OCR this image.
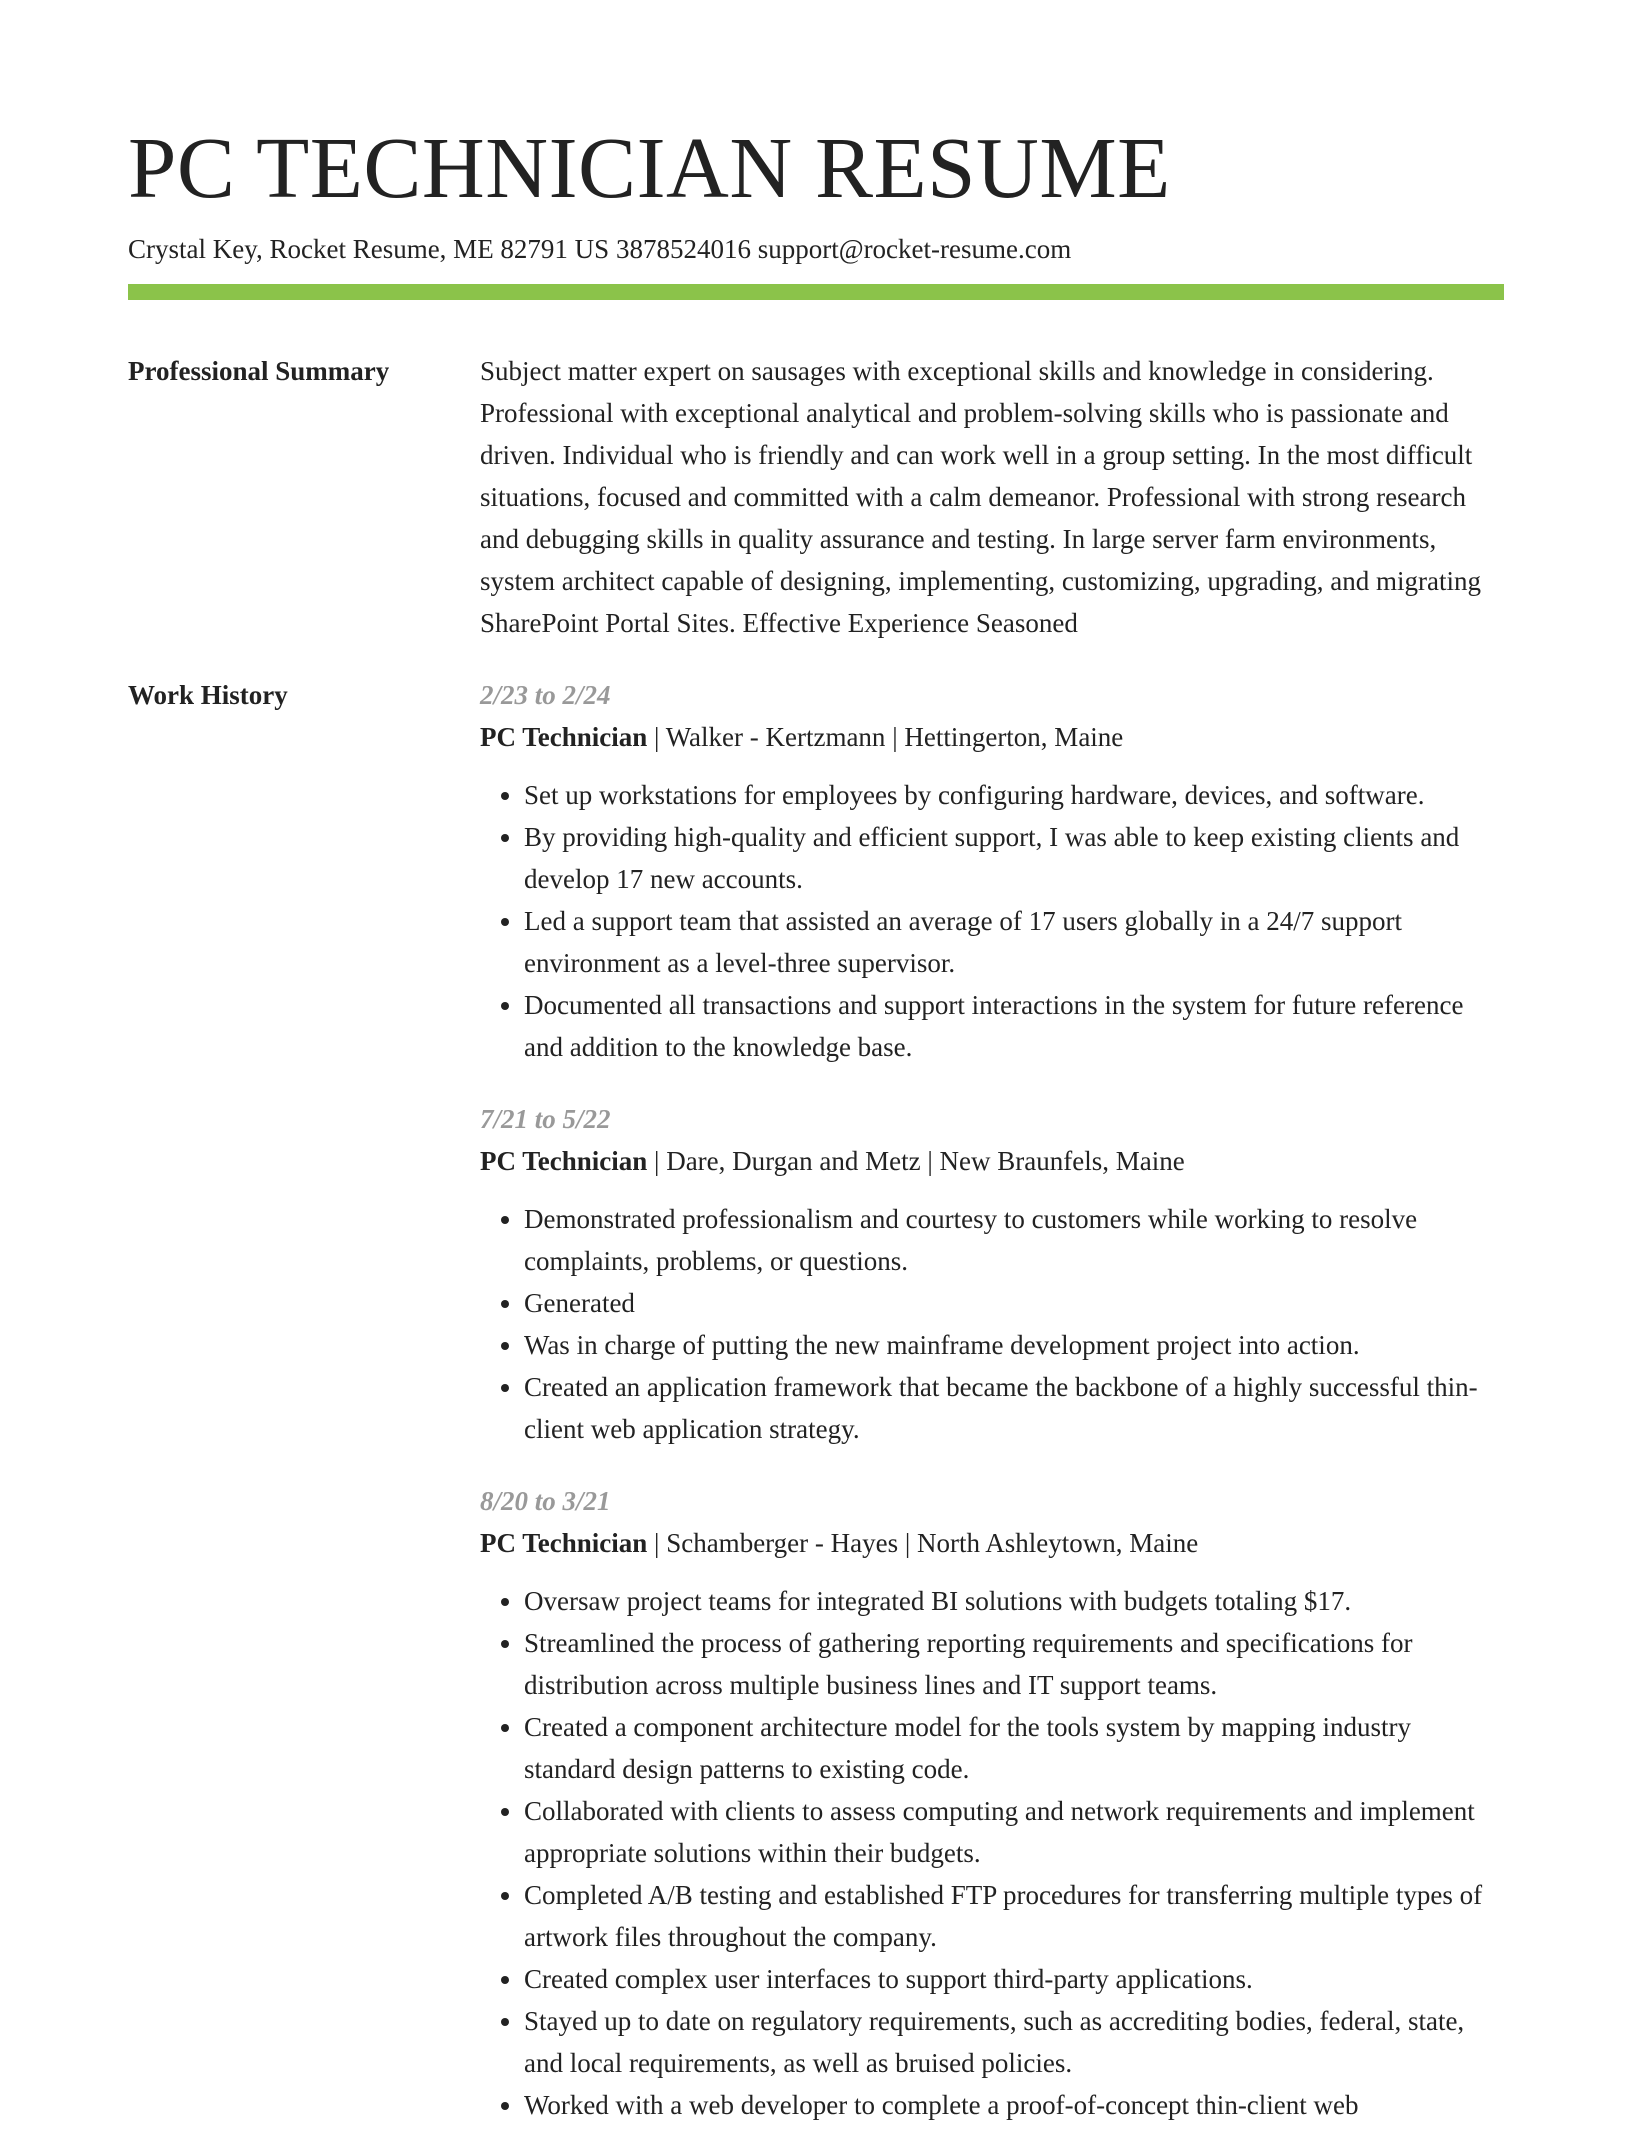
PC TECHNICIAN RESUME
Crystal Key, Rocket Resume, ME 82791 US 3878524016 support@rocket-resume.com
Professional Summary	Subject matter expert on sausages with exceptional skills and knowledge in considering. Professional with exceptional analytical and problem-solving skills who is passionate and driven. Individual who is friendly and can work well in a group setting. In the most difficult situations, focused and committed with a calm demeanor. Professional with strong research and debugging skills in quality assurance and testing. In large server farm environments, system architect capable of designing, implementing, customizing, upgrading, and migrating SharePoint Portal Sites. Effective Experience Seasoned
Work History	2/23 to 2/24
PC Technician | Walker - Kertzmann | Hettingerton, Maine
• Set up workstations for employees by configuring hardware, devices, and software.
• By providing high-quality and efficient support, I was able to keep existing clients and develop 17 new accounts.
• Led a support team that assisted an average of 17 users globally in a 24/7 support environment as a level-three supervisor.
• Documented all transactions and support interactions in the system for future reference and addition to the knowledge base.
7/21 to 5/22
PC Technician | Dare, Durgan and Metz | New Braunfels, Maine
• Demonstrated professionalism and courtesy to customers while working to resolve complaints, problems, or questions.
• Generated
• Was in charge of putting the new mainframe development project into action.
• Created an application framework that became the backbone of a highly successful thin-client web application strategy.
8/20 to 3/21
PC Technician | Schamberger - Hayes | North Ashleytown, Maine
• Oversaw project teams for integrated BI solutions with budgets totaling $17.
• Streamlined the process of gathering reporting requirements and specifications for distribution across multiple business lines and IT support teams.
• Created a component architecture model for the tools system by mapping industry standard design patterns to existing code.
• Collaborated with clients to assess computing and network requirements and implement appropriate solutions within their budgets.
• Completed A/B testing and established FTP procedures for transferring multiple types of artwork files throughout the company.
• Created complex user interfaces to support third-party applications.
• Stayed up to date on regulatory requirements, such as accrediting bodies, federal, state, and local requirements, as well as bruised policies.
• Worked with a web developer to complete a proof-of-concept thin-client web
